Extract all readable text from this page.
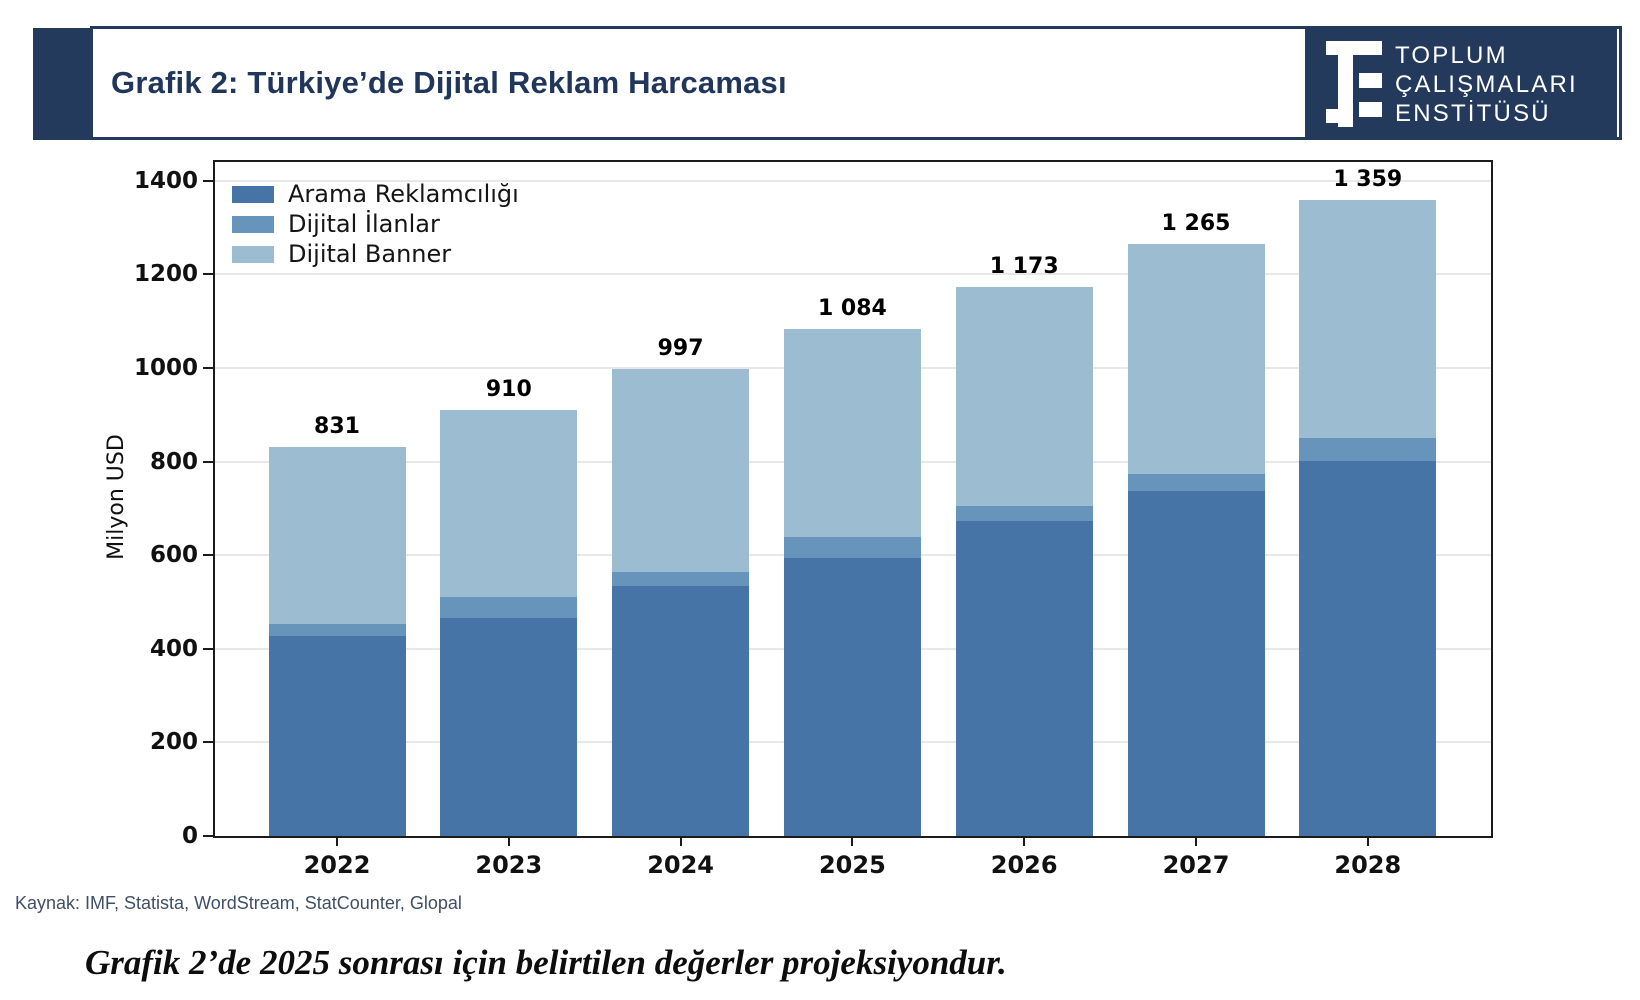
Grafik 2: Türkiye’de Dijital Reklam Harcaması
TOPLUM
ÇALIŞMALARI
ENSTİTÜSÜ
Milyon USD
831
910
997
1 084
1 173
1 265
1 359
Arama Reklamcılığı
Dijital İlanlar
Dijital Banner
0
200
400
600
800
1000
1200
1400
2022	2023	2024	2025	2026	2027	2028
Kaynak: IMF, Statista, WordStream, StatCounter, Glopal
Grafik 2’de 2025 sonrası için belirtilen değerler projeksiyondur.
